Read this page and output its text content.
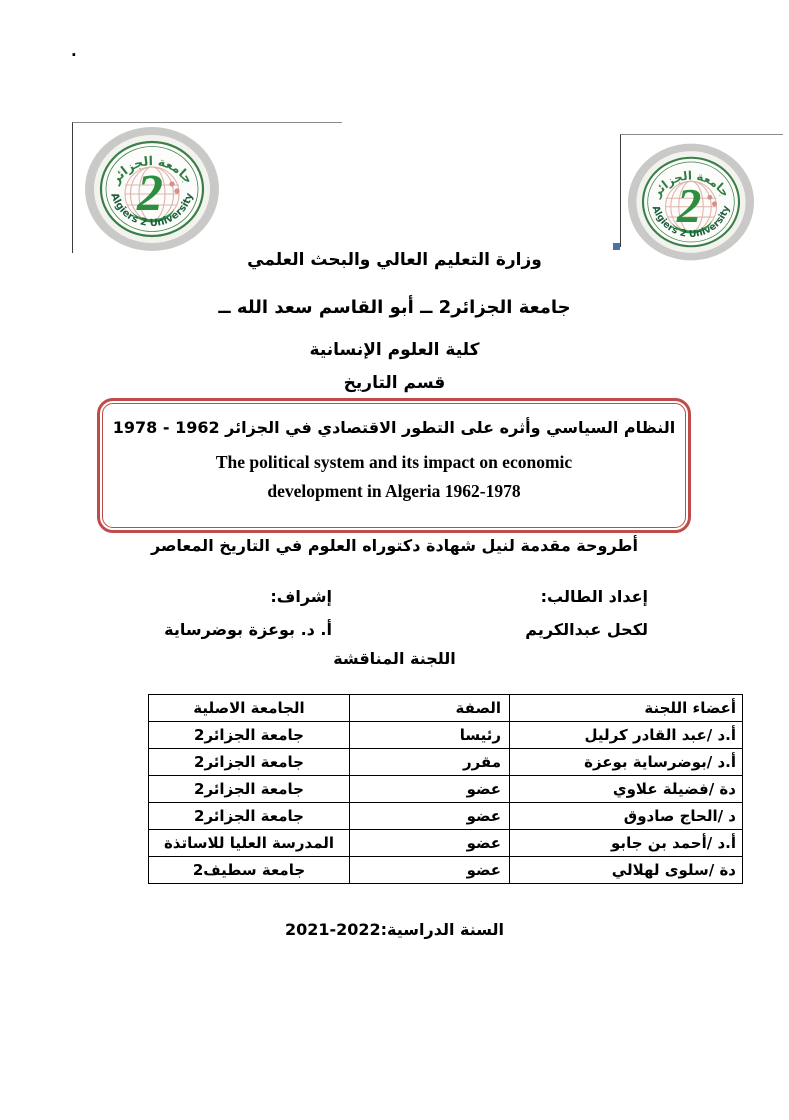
.
وزارة التعليم العالي والبحث العلمي
جامعة الجزائر2 ــ أبو القاسم سعد الله ــ
كلية العلوم الإنسانية
قسم التاريخ
النظام السياسي وأثره على التطور الاقتصادي في الجزائر 1962 - 1978
The political system and its impact on economic
development in Algeria 1962-1978
أطروحة مقدمة لنيل شهادة دكتوراه العلوم في التاريخ المعاصر
إعداد الطالب:
لكحل عبدالكريم
إشراف:
أ. د. بوعزة بوضرساية
اللجنة المناقشة
أعضاء اللجنة	الصفة	الجامعة الاصلية
أ.د /عبد القادر كرليل	رئيسا	جامعة الجزائر2
أ.د /بوضرساية بوعزة	مقرر	جامعة الجزائر2
دة /فضيلة علاوي	عضو	جامعة الجزائر2
د /الحاج صادوق	عضو	جامعة الجزائر2
أ.د /أحمد بن جابو	عضو	المدرسة العليا للاساتذة
دة /سلوى لهلالي	عضو	جامعة سطيف2
السنة الدراسية:2022-2021
